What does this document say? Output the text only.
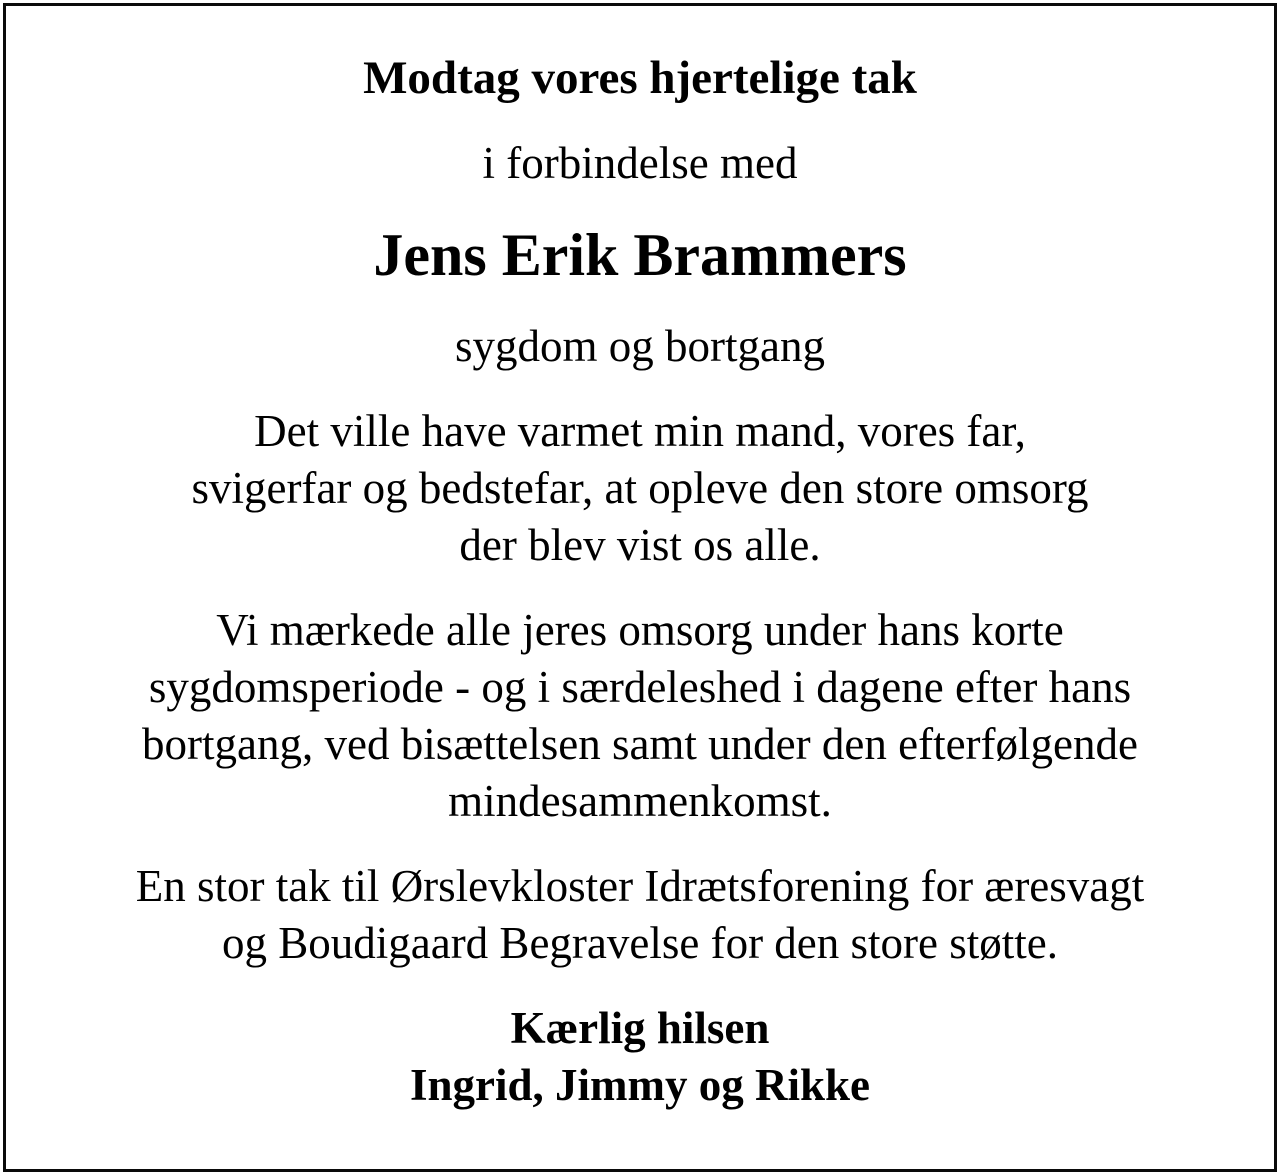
Modtag vores hjertelige tak

i forbindelse med

Jens Erik Brammers

sygdom og bortgang

Det ville have varmet min mand, vores far,

svigerfar og bedstefar, at opleve den store omsorg

der blev vist os alle.

Vi mærkede alle jeres omsorg under hans korte

sygdomsperiode - og i særdeleshed i dagene efter hans

bortgang, ved bisættelsen samt under den efterfølgende

mindesammenkomst.

En stor tak til Ørslevkloster Idrætsforening for æresvagt

og Boudigaard Begravelse for den store støtte.

Kærlig hilsen

Ingrid, Jimmy og Rikke
